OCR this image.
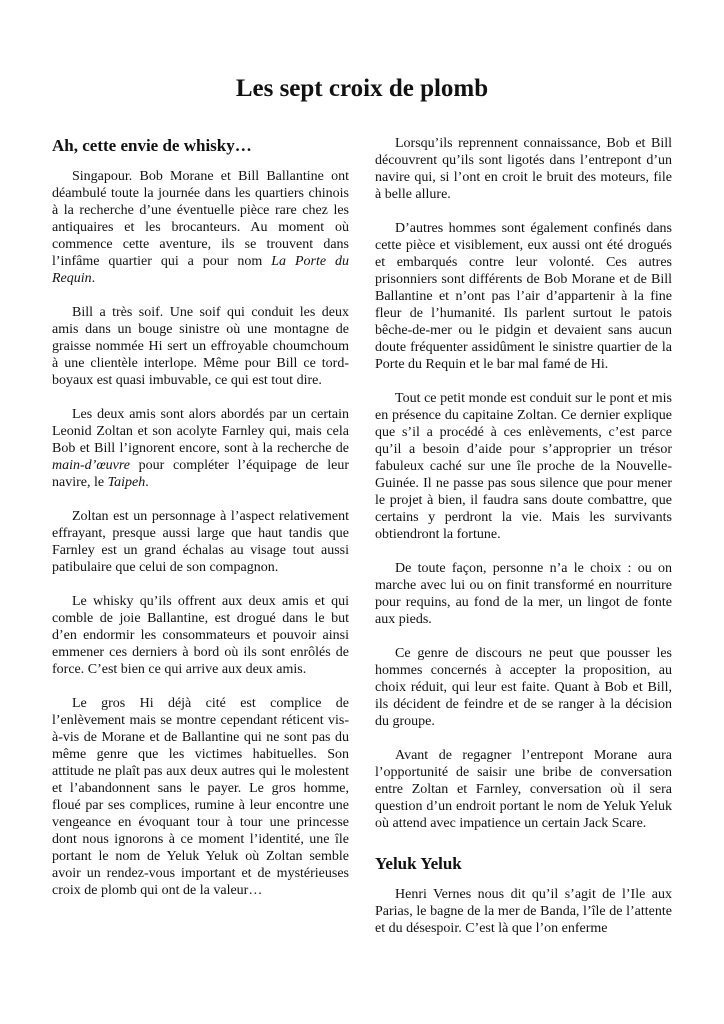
Les sept croix de plomb
Ah, cette envie de whisky…

Singapour. Bob Morane et Bill Ballantine ont déambulé toute la journée dans les quartiers chinois à la recherche d’une éventuelle pièce rare chez les antiquaires et les brocanteurs. Au moment où commence cette aventure, ils se trouvent dans l’infâme quartier qui a pour nom La Porte du Requin.

Bill a très soif. Une soif qui conduit les deux amis dans un bouge sinistre où une montagne de graisse nommée Hi sert un effroyable choumchoum à une clientèle interlope. Même pour Bill ce tord-boyaux est quasi imbuvable, ce qui est tout dire.

Les deux amis sont alors abordés par un certain Leonid Zoltan et son acolyte Farnley qui, mais cela Bob et Bill l’ignorent encore, sont à la recherche de main-d’œuvre pour compléter l’équipage de leur navire, le Taipeh.

Zoltan est un personnage à l’aspect relativement effrayant, presque aussi large que haut tandis que Farnley est un grand échalas au visage tout aussi patibulaire que celui de son compagnon.

Le whisky qu’ils offrent aux deux amis et qui comble de joie Ballantine, est drogué dans le but d’en endormir les consommateurs et pouvoir ainsi emmener ces derniers à bord où ils sont enrôlés de force. C’est bien ce qui arrive aux deux amis.

Le gros Hi déjà cité est complice de l’enlèvement mais se montre cependant réticent vis-à-vis de Morane et de Ballantine qui ne sont pas du même genre que les victimes habituelles. Son attitude ne plaît pas aux deux autres qui le molestent et l’abandonnent sans le payer. Le gros homme, floué par ses complices, rumine à leur encontre une vengeance en évoquant tour à tour une princesse dont nous ignorons à ce moment l’identité, une île portant le nom de Yeluk Yeluk où Zoltan semble avoir un rendez-vous important et de mystérieuses croix de plomb qui ont de la valeur…

Lorsqu’ils reprennent connaissance, Bob et Bill découvrent qu’ils sont ligotés dans l’entrepont d’un navire qui, si l’ont en croit le bruit des moteurs, file à belle allure.

D’autres hommes sont également confinés dans cette pièce et visiblement, eux aussi ont été drogués et embarqués contre leur volonté. Ces autres prisonniers sont différents de Bob Morane et de Bill Ballantine et n’ont pas l’air d’appartenir à la fine fleur de l’humanité. Ils parlent surtout le patois bêche-de-mer ou le pidgin et devaient sans aucun doute fréquenter assidûment le sinistre quartier de la Porte du Requin et le bar mal famé de Hi.

Tout ce petit monde est conduit sur le pont et mis en présence du capitaine Zoltan. Ce dernier explique que s’il a procédé à ces enlèvements, c’est parce qu’il a besoin d’aide pour s’approprier un trésor fabuleux caché sur une île proche de la Nouvelle-Guinée. Il ne passe pas sous silence que pour mener le projet à bien, il faudra sans doute combattre, que certains y perdront la vie. Mais les survivants obtiendront la fortune.

De toute façon, personne n’a le choix : ou on marche avec lui ou on finit transformé en nourriture pour requins, au fond de la mer, un lingot de fonte aux pieds.

Ce genre de discours ne peut que pousser les hommes concernés à accepter la proposition, au choix réduit, qui leur est faite. Quant à Bob et Bill, ils décident de feindre et de se ranger à la décision du groupe.

Avant de regagner l’entrepont Morane aura l’opportunité de saisir une bribe de conversation entre Zoltan et Farnley, conversation où il sera question d’un endroit portant le nom de Yeluk Yeluk où attend avec impatience un certain Jack Scare.

Yeluk Yeluk

Henri Vernes nous dit qu’il s’agit de l’Ile aux Parias, le bagne de la mer de Banda, l’île de l’attente et du désespoir. C’est là que l’on enferme
